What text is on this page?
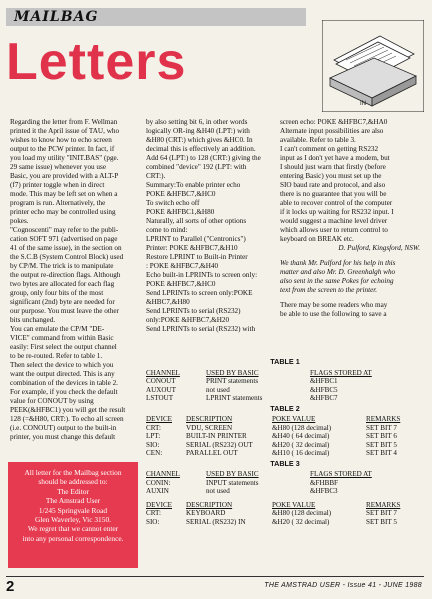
MAILBAG
Letters
IN
Regarding the letter from F. Wellman
printed it the April issue of TAU, who
wishes to know how to echo screen
output to the PCW printer. In fact, if
you load my utility "INIT.BAS" (pge.
29 same issue) whenever you use
Basic, you are provided with a ALT-P
(f7) printer toggle when in direct
mode. This may be left set on when a
program is run. Alternatively, the
printer echo may be controlled using
pokes.
"Cognoscenti" may refer to the publi-
cation SOFT 971 (advertised on page
41 of the same issue), in the section on
the S.C.B (System Control Block) used
by CP/M. The trick is to manipulate
the output re-direction flags. Although
two bytes are allocated for each flag
group, only four bits of the most
significant (2nd) byte are needed for
our purpose. You must leave the other
bits unchanged.
You can emulate the CP/M "DE-
VICE" command from within Basic
easily: First select the output channel
to be re-routed. Refer to table 1.
Then select the device to which you
want the output directed. This is any
combination of the devices in table 2.
For example, if you check the default
value for CONOUT by using
PEEK(&HFBC1) you will get the result
128 (=&H80, CRT:). To echo all screen
(i.e. CONOUT) output to the built-in
printer, you must change this default
by also setting bit 6, in other words
logically OR-ing &H40 (LPT:) with
&H80 (CRT:) which gives &HC0. In
decimal this is effectively an addition.
Add 64 (LPT:) to 128 (CRT:) giving the
combined "device" 192 (LPT: with
CRT:).
Summary:To enable printer echo
POKE &HFBC7,&HC0
To switch echo off
POKE &HFBC1,&H80
Naturally, all sorts of other options
come to mind:
LPRINT to Parallel ("Centronics")
Printer: POKE &HFBC7,&H10
Restore LPRINT to Built-in Printer
: POKE &HFBC7,&H40
Echo built-in LPRINTs to screen only:
POKE &HFBC7,&HC0
Send LPRINTs to screen only:POKE
&HBC7,&H80
Send LPRINTs to serial (RS232)
only:POKE &HFBC7,&H20
Send LPRINTs to serial (RS232) with
screen echo: POKE &HFBC7,&HA0
Alternate input possibilities are also
available. Refer to table 3.
I can't comment on getting RS232
input as I don't yet have a modem, but
I should just warn that firstly (before
entering Basic) you must set up the
SIO baud rate and protocol, and also
there is no guarantee that you will be
able to recover control of the computer
if it locks up waiting for RS232 input. I
would suggest a machine level driver
which allows user to return control to
keyboard on BREAK etc.
D. Pulford, Kingsford, NSW.
We thank Mr. Pulford for his help in this
matter and also Mr. D. Greenhalgh who
also sent in the same Pokes for echoing
text from the screen to the printer.
There may be some readers who may
be able to use the following to save a
All letter for the Mailbag section
should be addressed to:
The Editor
The Amstrad User
1/245 Springvale Road
Glen Waverley, Vic 3150.
We regret that we cannot enter
into any personal correspondence.
TABLE 1
CHANNEL	USED BY BASIC	FLAGS STORED AT
CONOUT	PRINT statements	&HFBC1
AUXOUT	not used	&HFBC5
LSTOUT	LPRINT statements	&HFBC7
TABLE 2
DEVICE	DESCRIPTION	POKE VALUE	REMARKS
CRT:	VDU, SCREEN	&H80 (128 decimal)	SET BIT 7
LPT:	BUILT-IN PRINTER	&H40 ( 64 decimal)	SET BIT 6
SIO:	SERIAL (RS232) OUT	&H20 ( 32 decimal)	SET BIT 5
CEN:	PARALLEL OUT	&H10 ( 16 decimal)	SET BIT 4
TABLE 3
CHANNEL	USED BY BASIC	FLAGS STORED AT
CONIN:	INPUT statements	&FHBBF
AUXIN	not used	&HFBC3
DEVICE	DESCRIPTION	POKE VALUE	REMARKS
CRT:	KEYBOARD	&H80 (128 decimal)	SET BIT 7
SIO:	SERIAL (RS232) IN	&H20 ( 32 decimal)	SET BIT 5
2	THE AMSTRAD USER - Issue 41 - JUNE 1988
